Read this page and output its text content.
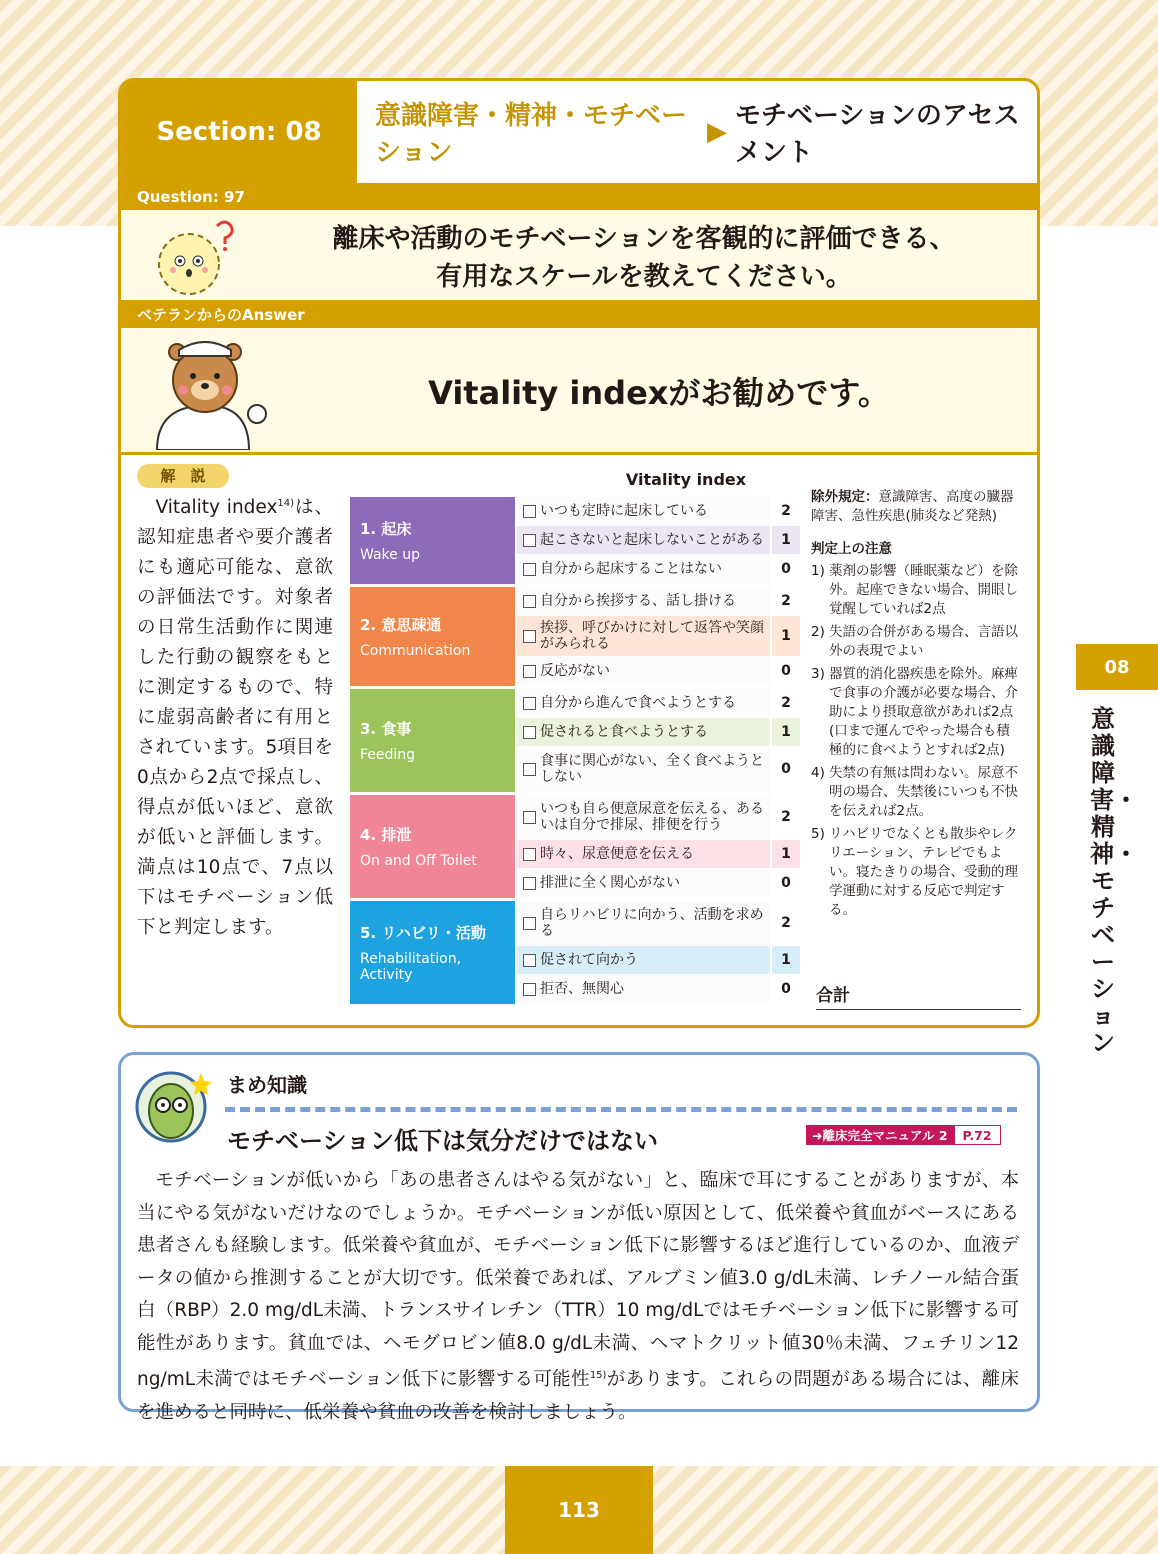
Section: 08
意識障害・精神・モチベーション
▶
モチベーションのアセスメント
Question: 97
離床や活動のモチベーションを客観的に評価できる、
有用なスケールを教えてください。
ベテランからのAnswer
Vitality indexがお勧めです。
解　説
 Vitality index$^{14)}$は、認知症患者や要介護者にも適応可能な、意欲の評価法です。対象者の日常生活動作に関連した行動の観察をもとに測定するもので、特に虚弱高齢者に有用とされています。5項目を0点から2点で採点し、得点が低いほど、意欲が低いと評価します。満点は10点で、7点以下はモチベーション低下と判定します。
Vitality index
1. 起床
Wake up
いつも定時に起床している	2
起こさないと起床しないことがある	1
自分から起床することはない	0
2. 意思疎通
Communication
自分から挨拶する、話し掛ける	2
挨拶、呼びかけに対して返答や笑顔がみられる	1
反応がない	0
3. 食事
Feeding
自分から進んで食べようとする	2
促されると食べようとする	1
食事に関心がない、全く食べようとしない	0
4. 排泄
On and Off Toilet
いつも自ら便意尿意を伝える、あるいは自分で排尿、排便を行う	2
時々、尿意便意を伝える	1
排泄に全く関心がない	0
5. リハビリ・活動
Rehabilitation, Activity
自らリハビリに向かう、活動を求める	2
促されて向かう	1
拒否、無関心	0
除外規定：意識障害、高度の臓器障害、急性疾患(肺炎など発熱)
判定上の注意
1) 薬剤の影響（睡眠薬など）を除外。起座できない場合、開眼し覚醒していれば2点
2) 失語の合併がある場合、言語以外の表現でよい
3) 器質的消化器疾患を除外。麻痺で食事の介護が必要な場合、介助により摂取意欲があれば2点(口まで運んでやった場合も積極的に食べようとすれば2点)
4) 失禁の有無は問わない。尿意不明の場合、失禁後にいつも不快を伝えれば2点。
5) リハビリでなくとも散歩やレクリエーション、テレビでもよい。寝たきりの場合、受動的理学運動に対する反応で判定する。
合計
08
意識障害・精神・モチベーション
まめ知識
モチベーション低下は気分だけではない	➜離床完全マニュアル 2	P.72
モチベーションが低いから「あの患者さんはやる気がない」と、臨床で耳にすることがありますが、本当にやる気がないだけなのでしょうか。モチベーションが低い原因として、低栄養や貧血がベースにある患者さんも経験します。低栄養や貧血が、モチベーション低下に影響するほど進行しているのか、血液データの値から推測することが大切です。低栄養であれば、アルブミン値3.0 g/dL未満、レチノール結合蛋白（RBP）2.0 mg/dL未満、トランスサイレチン（TTR）10 mg/dLではモチベーション低下に影響する可能性があります。貧血では、ヘモグロビン値8.0 g/dL未満、ヘマトクリット値30％未満、フェチリン12 ng/mL未満ではモチベーション低下に影響する可能性$^{15)}$があります。これらの問題がある場合には、離床を進めると同時に、低栄養や貧血の改善を検討しましょう。
113
